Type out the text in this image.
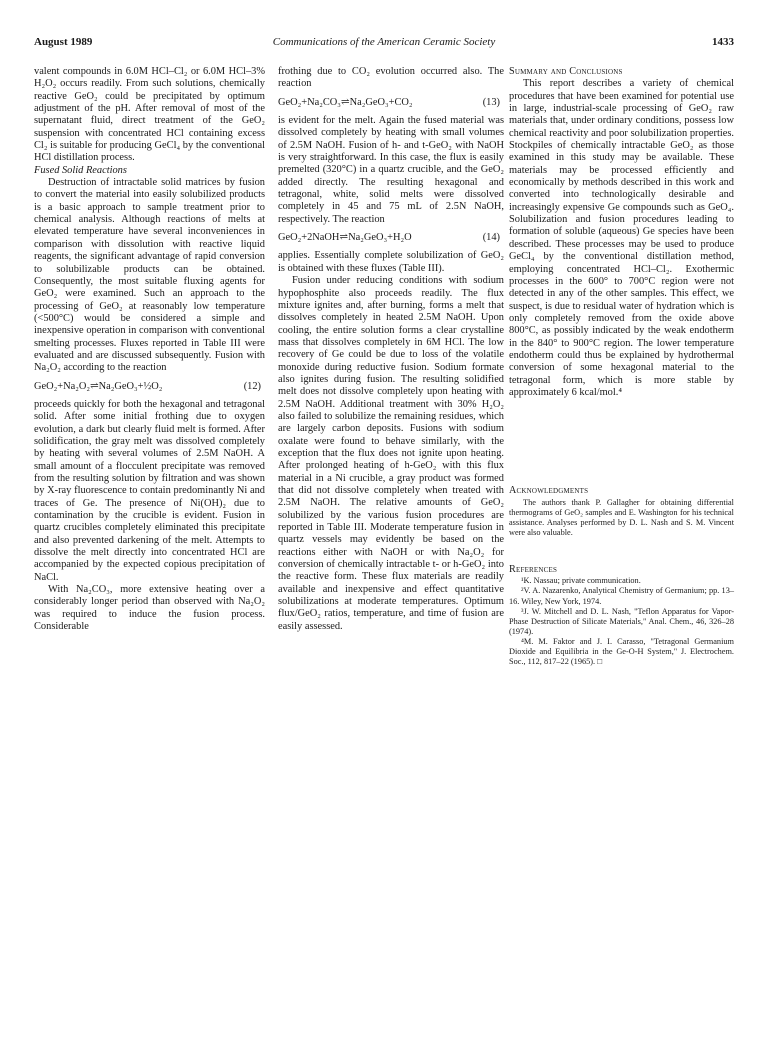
August 1989	Communications of the American Ceramic Society	1433

valent compounds in 6.0M HCl–Cl₂ or 6.0M HCl–3% H₂O₂ occurs readily. From such solutions, chemically reactive GeO₂ could be precipitated by optimum adjustment of the pH. After removal of most of the supernatant fluid, direct treatment of the GeO₂ suspension with concentrated HCl containing excess Cl₂ is suitable for producing GeCl₄ by the conventional HCl distillation process.

Fused Solid Reactions

Destruction of intractable solid matrices by fusion to convert the material into easily solubilized products is a basic approach to sample treatment prior to chemical analysis. Although reactions of melts at elevated temperature have several inconveniences in comparison with dissolution with reactive liquid reagents, the significant advantage of rapid conversion to solubilizable products can be obtained. Consequently, the most suitable fluxing agents for GeO₂ were examined. Such an approach to the processing of GeO₂ at reasonably low temperature (<500°C) would be considered a simple and inexpensive operation in comparison with conventional smelting processes. Fluxes reported in Table III were evaluated and are discussed subsequently. Fusion with Na₂O₂ according to the reaction

GeO₂+Na₂O₂⇌Na₂GeO₃+½O₂	(12)

proceeds quickly for both the hexagonal and tetragonal solid. After some initial frothing due to oxygen evolution, a dark but clearly fluid melt is formed. After solidification, the gray melt was dissolved completely by heating with several volumes of 2.5M NaOH. A small amount of a flocculent precipitate was removed from the resulting solution by filtration and was shown by X-ray fluorescence to contain predominantly Ni and traces of Ge. The presence of Ni(OH)₂ due to contamination by the crucible is evident. Fusion in quartz crucibles completely eliminated this precipitate and also prevented darkening of the melt. Attempts to dissolve the melt directly into concentrated HCl are accompanied by the expected copious precipitation of NaCl.

With Na₂CO₃, more extensive heating over a considerably longer period than observed with Na₂O₂ was required to induce the fusion process. Considerable

frothing due to CO₂ evolution occurred also. The reaction

GeO₂+Na₂CO₃⇌Na₂GeO₃+CO₂	(13)

is evident for the melt. Again the fused material was dissolved completely by heating with small volumes of 2.5M NaOH. Fusion of h- and t-GeO₂ with NaOH is very straightforward. In this case, the flux is easily premelted (320°C) in a quartz crucible, and the GeO₂ added directly. The resulting hexagonal and tetragonal, white, solid melts were dissolved completely in 45 and 75 mL of 2.5N NaOH, respectively. The reaction

GeO₂+2NaOH⇌Na₂GeO₃+H₂O	(14)

applies. Essentially complete solubilization of GeO₂ is obtained with these fluxes (Table III).

Fusion under reducing conditions with sodium hypophosphite also proceeds readily. The flux mixture ignites and, after burning, forms a melt that dissolves completely in heated 2.5M NaOH. Upon cooling, the entire solution forms a clear crystalline mass that dissolves completely in 6M HCl. The low recovery of Ge could be due to loss of the volatile monoxide during reductive fusion. Sodium formate also ignites during fusion. The resulting solidified melt does not dissolve completely upon heating with 2.5M NaOH. Additional treatment with 30% H₂O₂ also failed to solubilize the remaining residues, which are largely carbon deposits. Fusions with sodium oxalate were found to behave similarly, with the exception that the flux does not ignite upon heating. After prolonged heating of h-GeO₂ with this flux material in a Ni crucible, a gray product was formed that did not dissolve completely when treated with 2.5M NaOH. The relative amounts of GeO₂ solubilized by the various fusion procedures are reported in Table III. Moderate temperature fusion in quartz vessels may evidently be based on the reactions either with NaOH or with Na₂O₂ for conversion of chemically intractable t- or h-GeO₂ into the reactive form. These flux materials are readily available and inexpensive and effect quantitative solubilizations at moderate temperatures. Optimum flux/GeO₂ ratios, temperature, and time of fusion are easily assessed.

Summary and Conclusions

This report describes a variety of chemical procedures that have been examined for potential use in large, industrial-scale processing of GeO₂ raw materials that, under ordinary conditions, possess low chemical reactivity and poor solubilization properties. Stockpiles of chemically intractable GeO₂ as those examined in this study may be available. These materials may be processed efficiently and economically by methods described in this work and converted into technologically desirable and increasingly expensive Ge compounds such as GeO₄. Solubilization and fusion procedures leading to formation of soluble (aqueous) Ge species have been described. These processes may be used to produce GeCl₄ by the conventional distillation method, employing concentrated HCl–Cl₂. Exothermic processes in the 600° to 700°C region were not detected in any of the other samples. This effect, we suspect, is due to residual water of hydration which is only completely removed from the oxide above 800°C, as possibly indicated by the weak endotherm in the 840° to 900°C region. The lower temperature endotherm could thus be explained by hydrothermal conversion of some hexagonal material to the tetragonal form, which is more stable by approximately 6 kcal/mol.⁴

Acknowledgments

The authors thank P. Gallagher for obtaining differential thermograms of GeO₂ samples and E. Washington for his technical assistance. Analyses performed by D. L. Nash and S. M. Vincent were also valuable.

References

¹K. Nassau; private communication.

²V. A. Nazarenko, Analytical Chemistry of Germanium; pp. 13–16. Wiley, New York, 1974.

³J. W. Mitchell and D. L. Nash, "Teflon Apparatus for Vapor-Phase Destruction of Silicate Materials," Anal. Chem., 46, 326–28 (1974).

⁴M. M. Faktor and J. I. Carasso, "Tetragonal Germanium Dioxide and Equilibria in the Ge-O-H System," J. Electrochem. Soc., 112, 817–22 (1965). □
